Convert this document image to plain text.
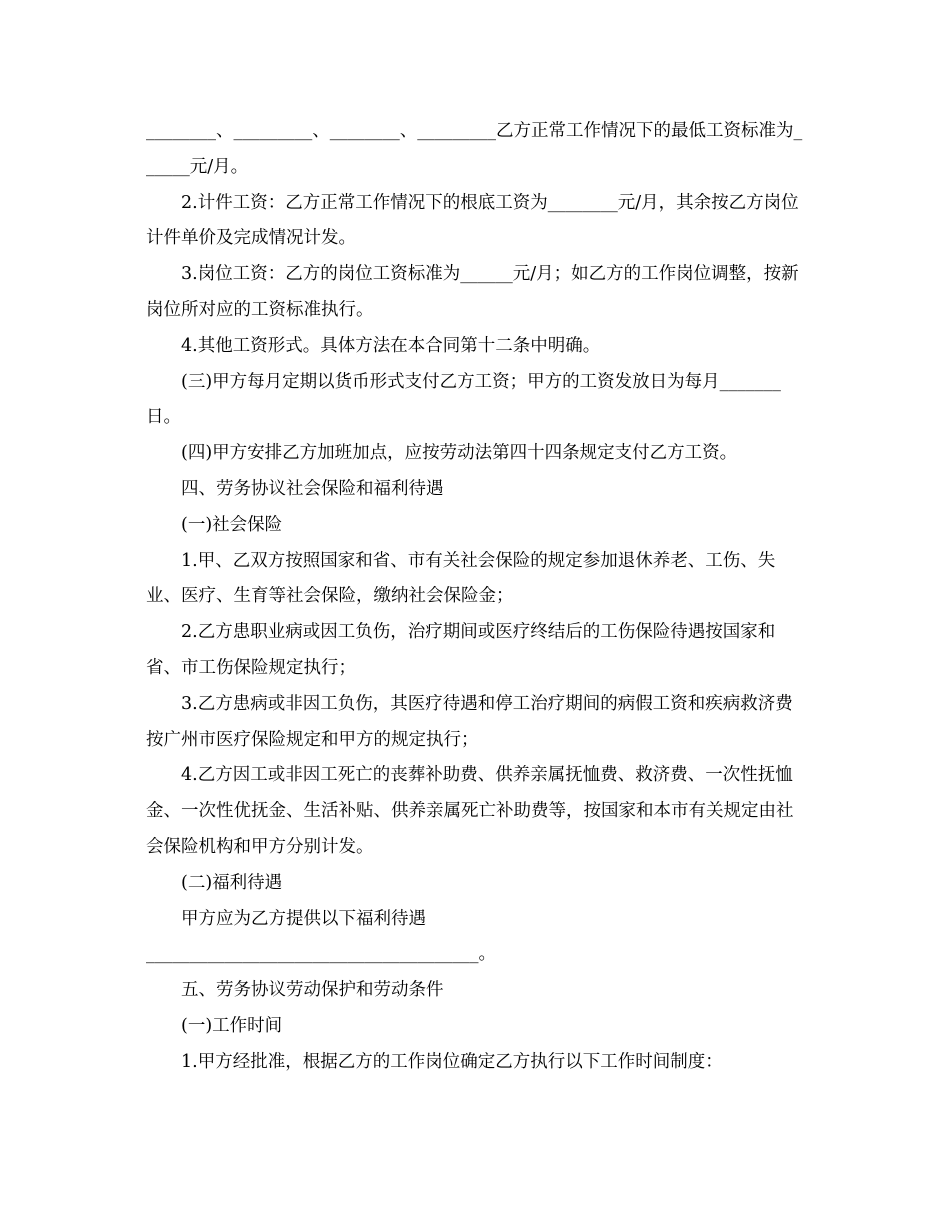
________、_________、________、_________乙方正常工作情况下的最低工资标准为______元/月。

2.计件工资：乙方正常工作情况下的根底工资为________元/月，其余按乙方岗位计件单价及完成情况计发。

3.岗位工资：乙方的岗位工资标准为______元/月；如乙方的工作岗位调整，按新岗位所对应的工资标准执行。

4.其他工资形式。具体方法在本合同第十二条中明确。

(三)甲方每月定期以货币形式支付乙方工资；甲方的工资发放日为每月_______日。

(四)甲方安排乙方加班加点，应按劳动法第四十四条规定支付乙方工资。

四、劳务协议社会保险和福利待遇

(一)社会保险

1.甲、乙双方按照国家和省、市有关社会保险的规定参加退休养老、工伤、失业、医疗、生育等社会保险，缴纳社会保险金；

2.乙方患职业病或因工负伤，治疗期间或医疗终结后的工伤保险待遇按国家和省、市工伤保险规定执行；

3.乙方患病或非因工负伤，其医疗待遇和停工治疗期间的病假工资和疾病救济费按广州市医疗保险规定和甲方的规定执行；

4.乙方因工或非因工死亡的丧葬补助费、供养亲属抚恤费、救济费、一次性抚恤金、一次性优抚金、生活补贴、供养亲属死亡补助费等，按国家和本市有关规定由社会保险机构和甲方分别计发。

(二)福利待遇

甲方应为乙方提供以下福利待遇

______________________________________。

五、劳务协议劳动保护和劳动条件

(一)工作时间

1.甲方经批准，根据乙方的工作岗位确定乙方执行以下工作时间制度：
